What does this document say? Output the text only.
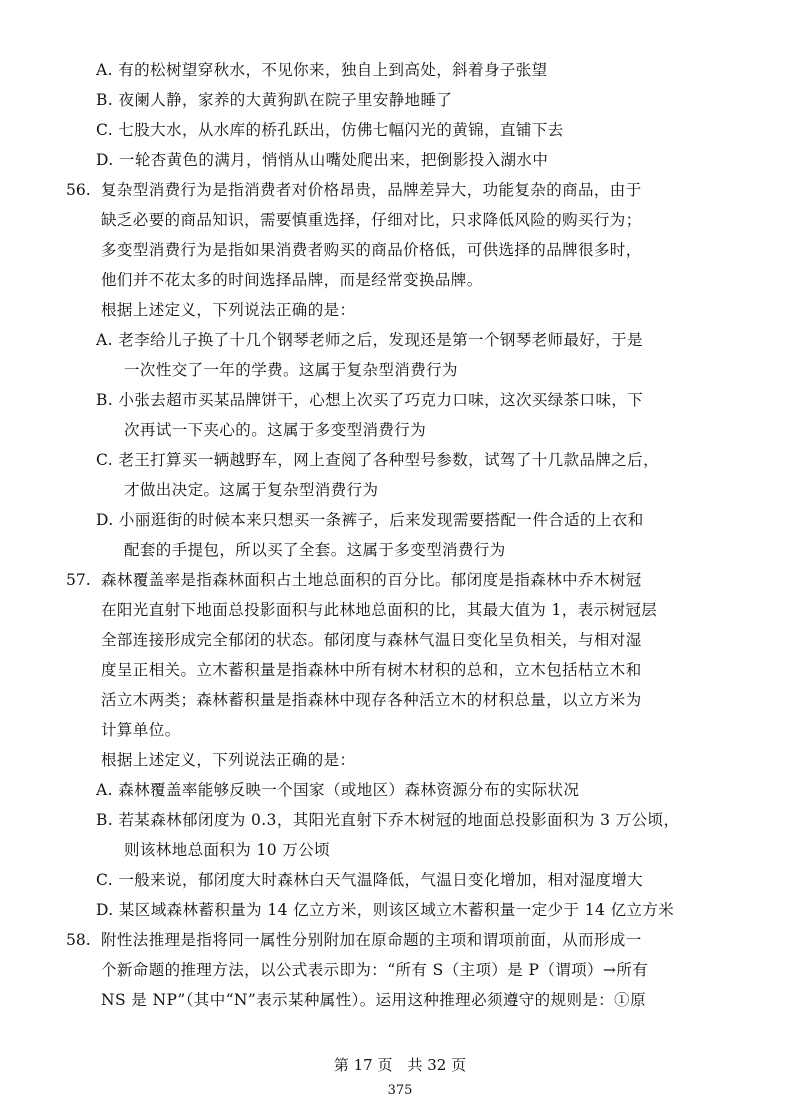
A. 有的松树望穿秋水，不见你来，独自上到高处，斜着身子张望
B. 夜阑人静，家养的大黄狗趴在院子里安静地睡了
C. 七股大水，从水库的桥孔跃出，仿佛七幅闪光的黄锦，直铺下去
D. 一轮杏黄色的满月，悄悄从山嘴处爬出来，把倒影投入湖水中
56. 复杂型消费行为是指消费者对价格昂贵，品牌差异大，功能复杂的商品，由于
缺乏必要的商品知识，需要慎重选择，仔细对比，只求降低风险的购买行为；
多变型消费行为是指如果消费者购买的商品价格低，可供选择的品牌很多时，
他们并不花太多的时间选择品牌，而是经常变换品牌。
根据上述定义，下列说法正确的是：
A. 老李给儿子换了十几个钢琴老师之后，发现还是第一个钢琴老师最好，于是
一次性交了一年的学费。这属于复杂型消费行为
B. 小张去超市买某品牌饼干，心想上次买了巧克力口味，这次买绿茶口味，下
次再试一下夹心的。这属于多变型消费行为
C. 老王打算买一辆越野车，网上查阅了各种型号参数，试驾了十几款品牌之后，
才做出决定。这属于复杂型消费行为
D. 小丽逛街的时候本来只想买一条裤子，后来发现需要搭配一件合适的上衣和
配套的手提包，所以买了全套。这属于多变型消费行为
57. 森林覆盖率是指森林面积占土地总面积的百分比。郁闭度是指森林中乔木树冠
在阳光直射下地面总投影面积与此林地总面积的比，其最大值为 1，表示树冠层
全部连接形成完全郁闭的状态。郁闭度与森林气温日变化呈负相关，与相对湿
度呈正相关。立木蓄积量是指森林中所有树木材积的总和，立木包括枯立木和
活立木两类；森林蓄积量是指森林中现存各种活立木的材积总量，以立方米为
计算单位。
根据上述定义，下列说法正确的是：
A. 森林覆盖率能够反映一个国家（或地区）森林资源分布的实际状况
B. 若某森林郁闭度为 0.3，其阳光直射下乔木树冠的地面总投影面积为 3 万公顷，
则该林地总面积为 10 万公顷
C. 一般来说，郁闭度大时森林白天气温降低，气温日变化增加，相对湿度增大
D. 某区域森林蓄积量为 14 亿立方米，则该区域立木蓄积量一定少于 14 亿立方米
58. 附性法推理是指将同一属性分别附加在原命题的主项和谓项前面，从而形成一
个新命题的推理方法，以公式表示即为：“所有 S（主项）是 P（谓项）→所有
NS 是 NP”（其中“N”表示某种属性）。运用这种推理必须遵守的规则是：①原
第 17 页　共 32 页
375
